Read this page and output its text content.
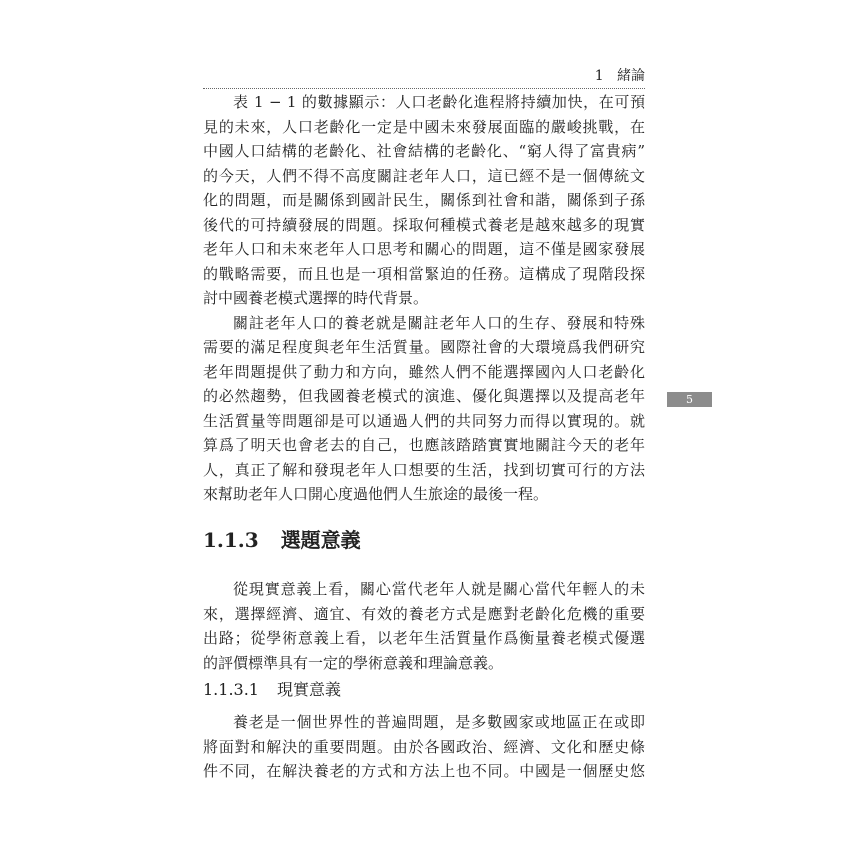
1 緒論
5
表 1 − 1 的數據顯示：人口老齡化進程將持續加快，在可預
見的未來，人口老齡化一定是中國未來發展面臨的嚴峻挑戰，在
中國人口結構的老齡化、社會結構的老齡化、“窮人得了富貴病”
的今天，人們不得不高度關註老年人口，這已經不是一個傳統文
化的問題，而是關係到國計民生，關係到社會和諧，關係到子孫
後代的可持續發展的問題。採取何種模式養老是越來越多的現實
老年人口和未來老年人口思考和關心的問題，這不僅是國家發展
的戰略需要，而且也是一項相當緊迫的任務。這構成了現階段探
討中國養老模式選擇的時代背景。
關註老年人口的養老就是關註老年人口的生存、發展和特殊
需要的滿足程度與老年生活質量。國際社會的大環境爲我們研究
老年問題提供了動力和方向，雖然人們不能選擇國內人口老齡化
的必然趨勢，但我國養老模式的演進、優化與選擇以及提高老年
生活質量等問題卻是可以通過人們的共同努力而得以實現的。就
算爲了明天也會老去的自己，也應該踏踏實實地關註今天的老年
人，真正了解和發現老年人口想要的生活，找到切實可行的方法
來幫助老年人口開心度過他們人生旅途的最後一程。
1.1.3 選題意義
從現實意義上看，關心當代老年人就是關心當代年輕人的未
來，選擇經濟、適宜、有效的養老方式是應對老齡化危機的重要
出路；從學術意義上看，以老年生活質量作爲衡量養老模式優選
的評價標準具有一定的學術意義和理論意義。
1.1.3.1 現實意義
養老是一個世界性的普遍問題，是多數國家或地區正在或即
將面對和解決的重要問題。由於各國政治、經濟、文化和歷史條
件不同，在解決養老的方式和方法上也不同。中國是一個歷史悠
